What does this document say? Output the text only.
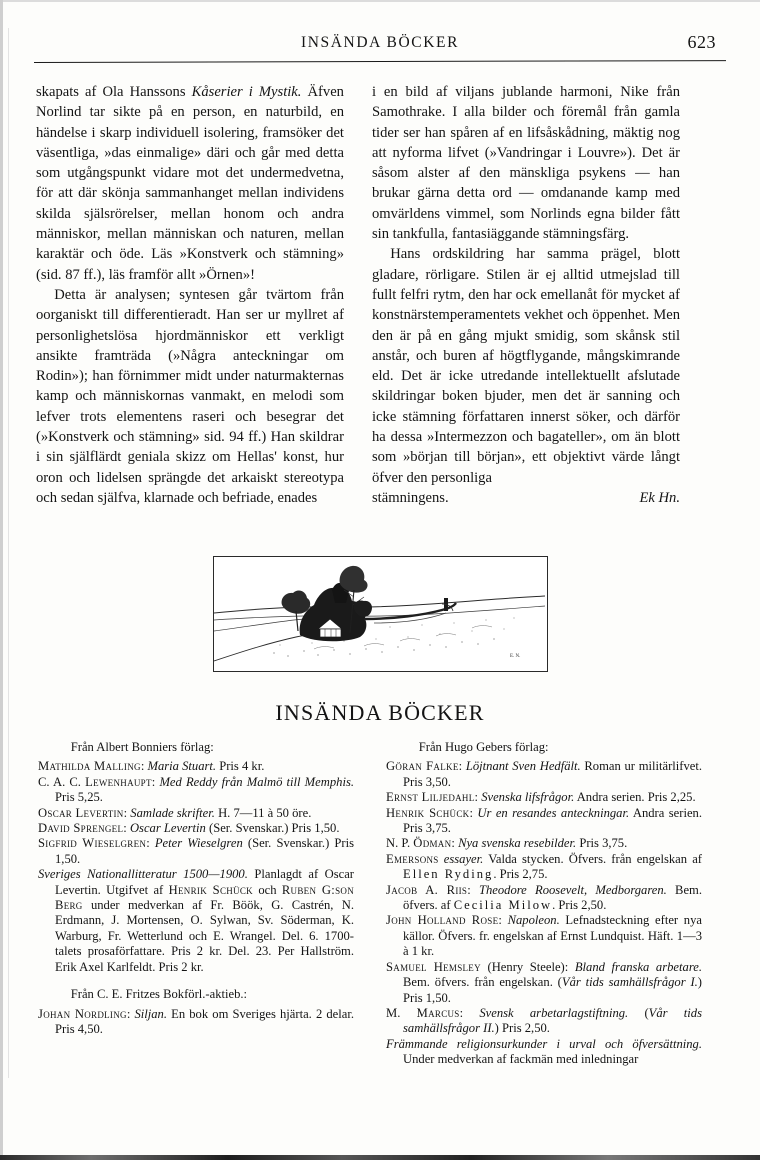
INSÄNDA BÖCKER	623

skapats af Ola Hanssons Kåserier i Mystik. Äfven Norlind tar sikte på en person, en naturbild, en händelse i skarp individuell isolering, framsöker det väsentliga, »das einmalige» däri och går med detta som utgångspunkt vidare mot det undermedvetna, för att där skönja sammanhanget mellan individens skilda själsrörelser, mellan honom och andra människor, mellan människan och naturen, mellan karaktär och öde. Läs »Konstverk och stämning» (sid. 87 ff.), läs framför allt »Örnen»!

Detta är analysen; syntesen går tvärtom från oorganiskt till differentieradt. Han ser ur myllret af personlighetslösa hjordmänniskor ett verkligt ansikte framträda (»Några anteckningar om Rodin»); han förnimmer midt under naturmakternas kamp och människornas vanmakt, en melodi som lefver trots elementens raseri och besegrar det (»Konstverk och stämning» sid. 94 ff.) Han skildrar i sin själflärdt geniala skizz om Hellas' konst, hur oron och lidelsen sprängde det arkaiskt stereotypa och sedan själfva, klarnade och befriade, enades

i en bild af viljans jublande harmoni, Nike från Samothrake. I alla bilder och föremål från gamla tider ser han spåren af en lifsåskådning, mäktig nog att nyforma lifvet (»Vandringar i Louvre»). Det är såsom alster af den mänskliga psykens — han brukar gärna detta ord — omdanande kamp med omvärldens vimmel, som Norlinds egna bilder fått sin tankfulla, fantasiäggande stämningsfärg.

Hans ordskildring har samma prägel, blott gladare, rörligare. Stilen är ej alltid utmejslad till fullt felfri rytm, den har ock emellanåt för mycket af konstnärstemperamentets vekhet och öppenhet. Men den är på en gång mjukt smidig, som skånsk stil anstår, och buren af högtflygande, mångskimrande eld. Det är icke utredande intellektuellt afslutade skildringar boken bjuder, men det är sanning och icke stämning författaren innerst söker, och därför ha dessa »Intermezzon och bagateller», om än blott som »början till början», ett objektivt värde långt öfver den personliga

stämningens.	Ek Hn.
E. N.
INSÄNDA BÖCKER

Från Albert Bonniers förlag:

Mathilda Malling: Maria Stuart. Pris 4 kr.

C. A. C. Lewenhaupt: Med Reddy från Malmö till Memphis. Pris 5,25.

Oscar Levertin: Samlade skrifter. H. 7—11 à 50 öre.

David Sprengel: Oscar Levertin (Ser. Svenskar.) Pris 1,50.

Sigfrid Wieselgren: Peter Wieselgren (Ser. Svenskar.) Pris 1,50.

Sveriges Nationallitteratur 1500—1900. Planlagdt af Oscar Levertin. Utgifvet af Henrik Schück och Ruben G:son Berg under medverkan af Fr. Böök, G. Castrén, N. Erdmann, J. Mortensen, O. Sylwan, Sv. Söderman, K. Warburg, Fr. Wetterlund och E. Wrangel. Del. 6. 1700-talets prosaförfattare. Pris 2 kr. Del. 23. Per Hallström. Erik Axel Karlfeldt. Pris 2 kr.

Från C. E. Fritzes Bokförl.-aktieb.:

Johan Nordling: Siljan. En bok om Sveriges hjärta. 2 delar. Pris 4,50.

Från Hugo Gebers förlag:

Göran Falke: Löjtnant Sven Hedfält. Roman ur militärlifvet. Pris 3,50.

Ernst Liljedahl: Svenska lifsfrågor. Andra serien. Pris 2,25.

Henrik Schück: Ur en resandes anteckningar. Andra serien. Pris 3,75.

N. P. Ödman: Nya svenska resebilder. Pris 3,75.

Emersons essayer. Valda stycken. Öfvers. från engelskan af Ellen Ryding. Pris 2,75.

Jacob A. Riis: Theodore Roosevelt, Medborgaren. Bem. öfvers. af Cecilia Milow. Pris 2,50.

John Holland Rose: Napoleon. Lefnadsteckning efter nya källor. Öfvers. fr. engelskan af Ernst Lundquist. Häft. 1—3 à 1 kr.

Samuel Hemsley (Henry Steele): Bland franska arbetare. Bem. öfvers. från engelskan. (Vår tids samhällsfrågor I.) Pris 1,50.

M. Marcus: Svensk arbetarlagstiftning. (Vår tids samhällsfrågor II.) Pris 2,50.

Främmande religionsurkunder i urval och öfversättning. Under medverkan af fackmän med inledningar
